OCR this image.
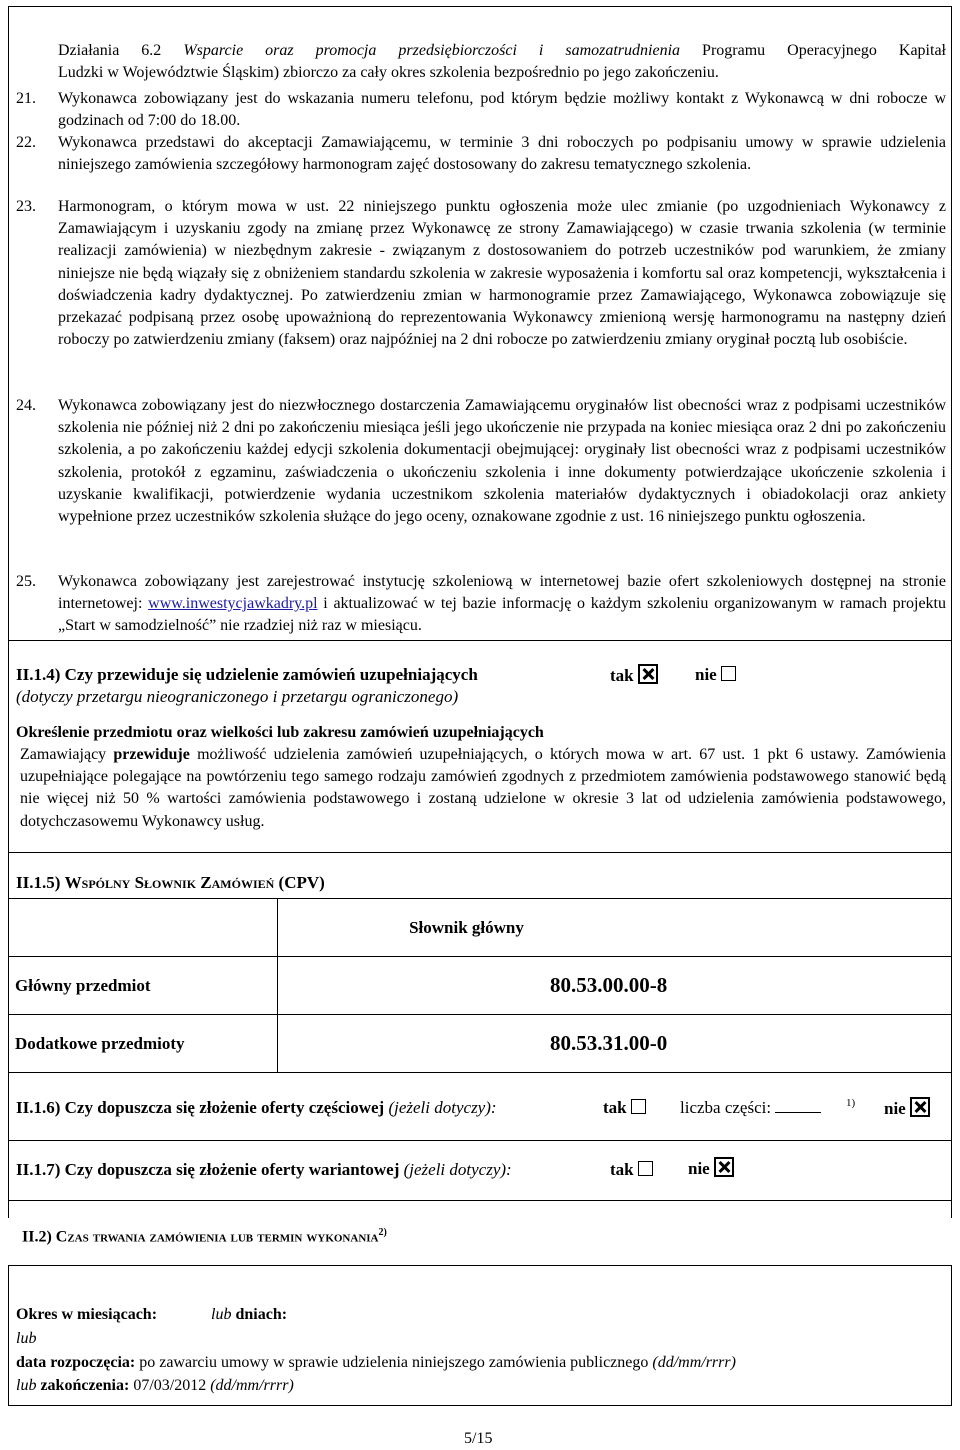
Działania 6.2 Wsparcie oraz promocja przedsiębiorczości i samozatrudnienia Programu Operacyjnego Kapitał
Ludzki w Województwie Śląskim) zbiorczo za cały okres szkolenia bezpośrednio po jego zakończeniu.
21. Wykonawca zobowiązany jest do wskazania numeru telefonu, pod którym będzie możliwy kontakt z Wykonawcą w dni robocze w godzinach od 7:00 do 18.00.
22. Wykonawca przedstawi do akceptacji Zamawiającemu, w terminie 3 dni roboczych po podpisaniu umowy w sprawie udzielenia niniejszego zamówienia szczegółowy harmonogram zajęć dostosowany do zakresu tematycznego szkolenia.
23. Harmonogram, o którym mowa w ust. 22 niniejszego punktu ogłoszenia może ulec zmianie (po uzgodnieniach Wykonawcy z Zamawiającym i uzyskaniu zgody na zmianę przez Wykonawcę ze strony Zamawiającego) w czasie trwania szkolenia (w terminie realizacji zamówienia) w niezbędnym zakresie - związanym z dostosowaniem do potrzeb uczestników pod warunkiem, że zmiany niniejsze nie będą wiązały się z obniżeniem standardu szkolenia w zakresie wyposażenia i komfortu sal oraz kompetencji, wykształcenia i doświadczenia kadry dydaktycznej. Po zatwierdzeniu zmian w harmonogramie przez Zamawiającego, Wykonawca zobowiązuje się przekazać podpisaną przez osobę upoważnioną do reprezentowania Wykonawcy zmienioną wersję harmonogramu na następny dzień roboczy po zatwierdzeniu zmiany (faksem) oraz najpóźniej na 2 dni robocze po zatwierdzeniu zmiany oryginał pocztą lub osobiście.
24. Wykonawca zobowiązany jest do niezwłocznego dostarczenia Zamawiającemu oryginałów list obecności wraz z podpisami uczestników szkolenia nie później niż 2 dni po zakończeniu miesiąca jeśli jego ukończenie nie przypada na koniec miesiąca oraz 2 dni po zakończeniu szkolenia, a po zakończeniu każdej edycji szkolenia dokumentacji obejmującej: oryginały list obecności wraz z podpisami uczestników szkolenia, protokół z egzaminu, zaświadczenia o ukończeniu szkolenia i inne dokumenty potwierdzające ukończenie szkolenia i uzyskanie kwalifikacji, potwierdzenie wydania uczestnikom szkolenia materiałów dydaktycznych i obiadokolacji oraz ankiety wypełnione przez uczestników szkolenia służące do jego oceny, oznakowane zgodnie z ust. 16 niniejszego punktu ogłoszenia.
25. Wykonawca zobowiązany jest zarejestrować instytucję szkoleniową w internetowej bazie ofert szkoleniowych dostępnej na stronie internetowej: www.inwestycjawkadry.pl i aktualizować w tej bazie informację o każdym szkoleniu organizowanym w ramach projektu „Start w samodzielność” nie rzadziej niż raz w miesiącu.
II.1.4) Czy przewiduje się udzielenie zamówień uzupełniających	tak	nie
(dotyczy przetargu nieograniczonego i przetargu ograniczonego)
Określenie przedmiotu oraz wielkości lub zakresu zamówień uzupełniających
Zamawiający przewiduje możliwość udzielenia zamówień uzupełniających, o których mowa w art. 67 ust. 1 pkt 6 ustawy. Zamówienia uzupełniające polegające na powtórzeniu tego samego rodzaju zamówień zgodnych z przedmiotem zamówienia podstawowego stanowić będą nie więcej niż 50 % wartości zamówienia podstawowego i zostaną udzielone w okresie 3 lat od udzielenia zamówienia podstawowego, dotychczasowemu Wykonawcy usług.
II.1.5) Wspólny Słownik Zamówień (CPV)
	Słownik główny
Główny przedmiot	80.53.00.00-8
Dodatkowe przedmioty	80.53.31.00-0
II.1.6) Czy dopuszcza się złożenie oferty częściowej (jeżeli dotyczy):	tak	liczba części:	1) nie
II.1.7) Czy dopuszcza się złożenie oferty wariantowej (jeżeli dotyczy):	tak	nie
II.2) Czas trwania zamówienia lub termin wykonania$^{2)}$
Okres w miesiącach:	lub dniach:
lub
data rozpoczęcia: po zawarciu umowy w sprawie udzielenia niniejszego zamówienia publicznego (dd/mm/rrrr)
lub zakończenia: 07/03/2012 (dd/mm/rrrr)
5/15
